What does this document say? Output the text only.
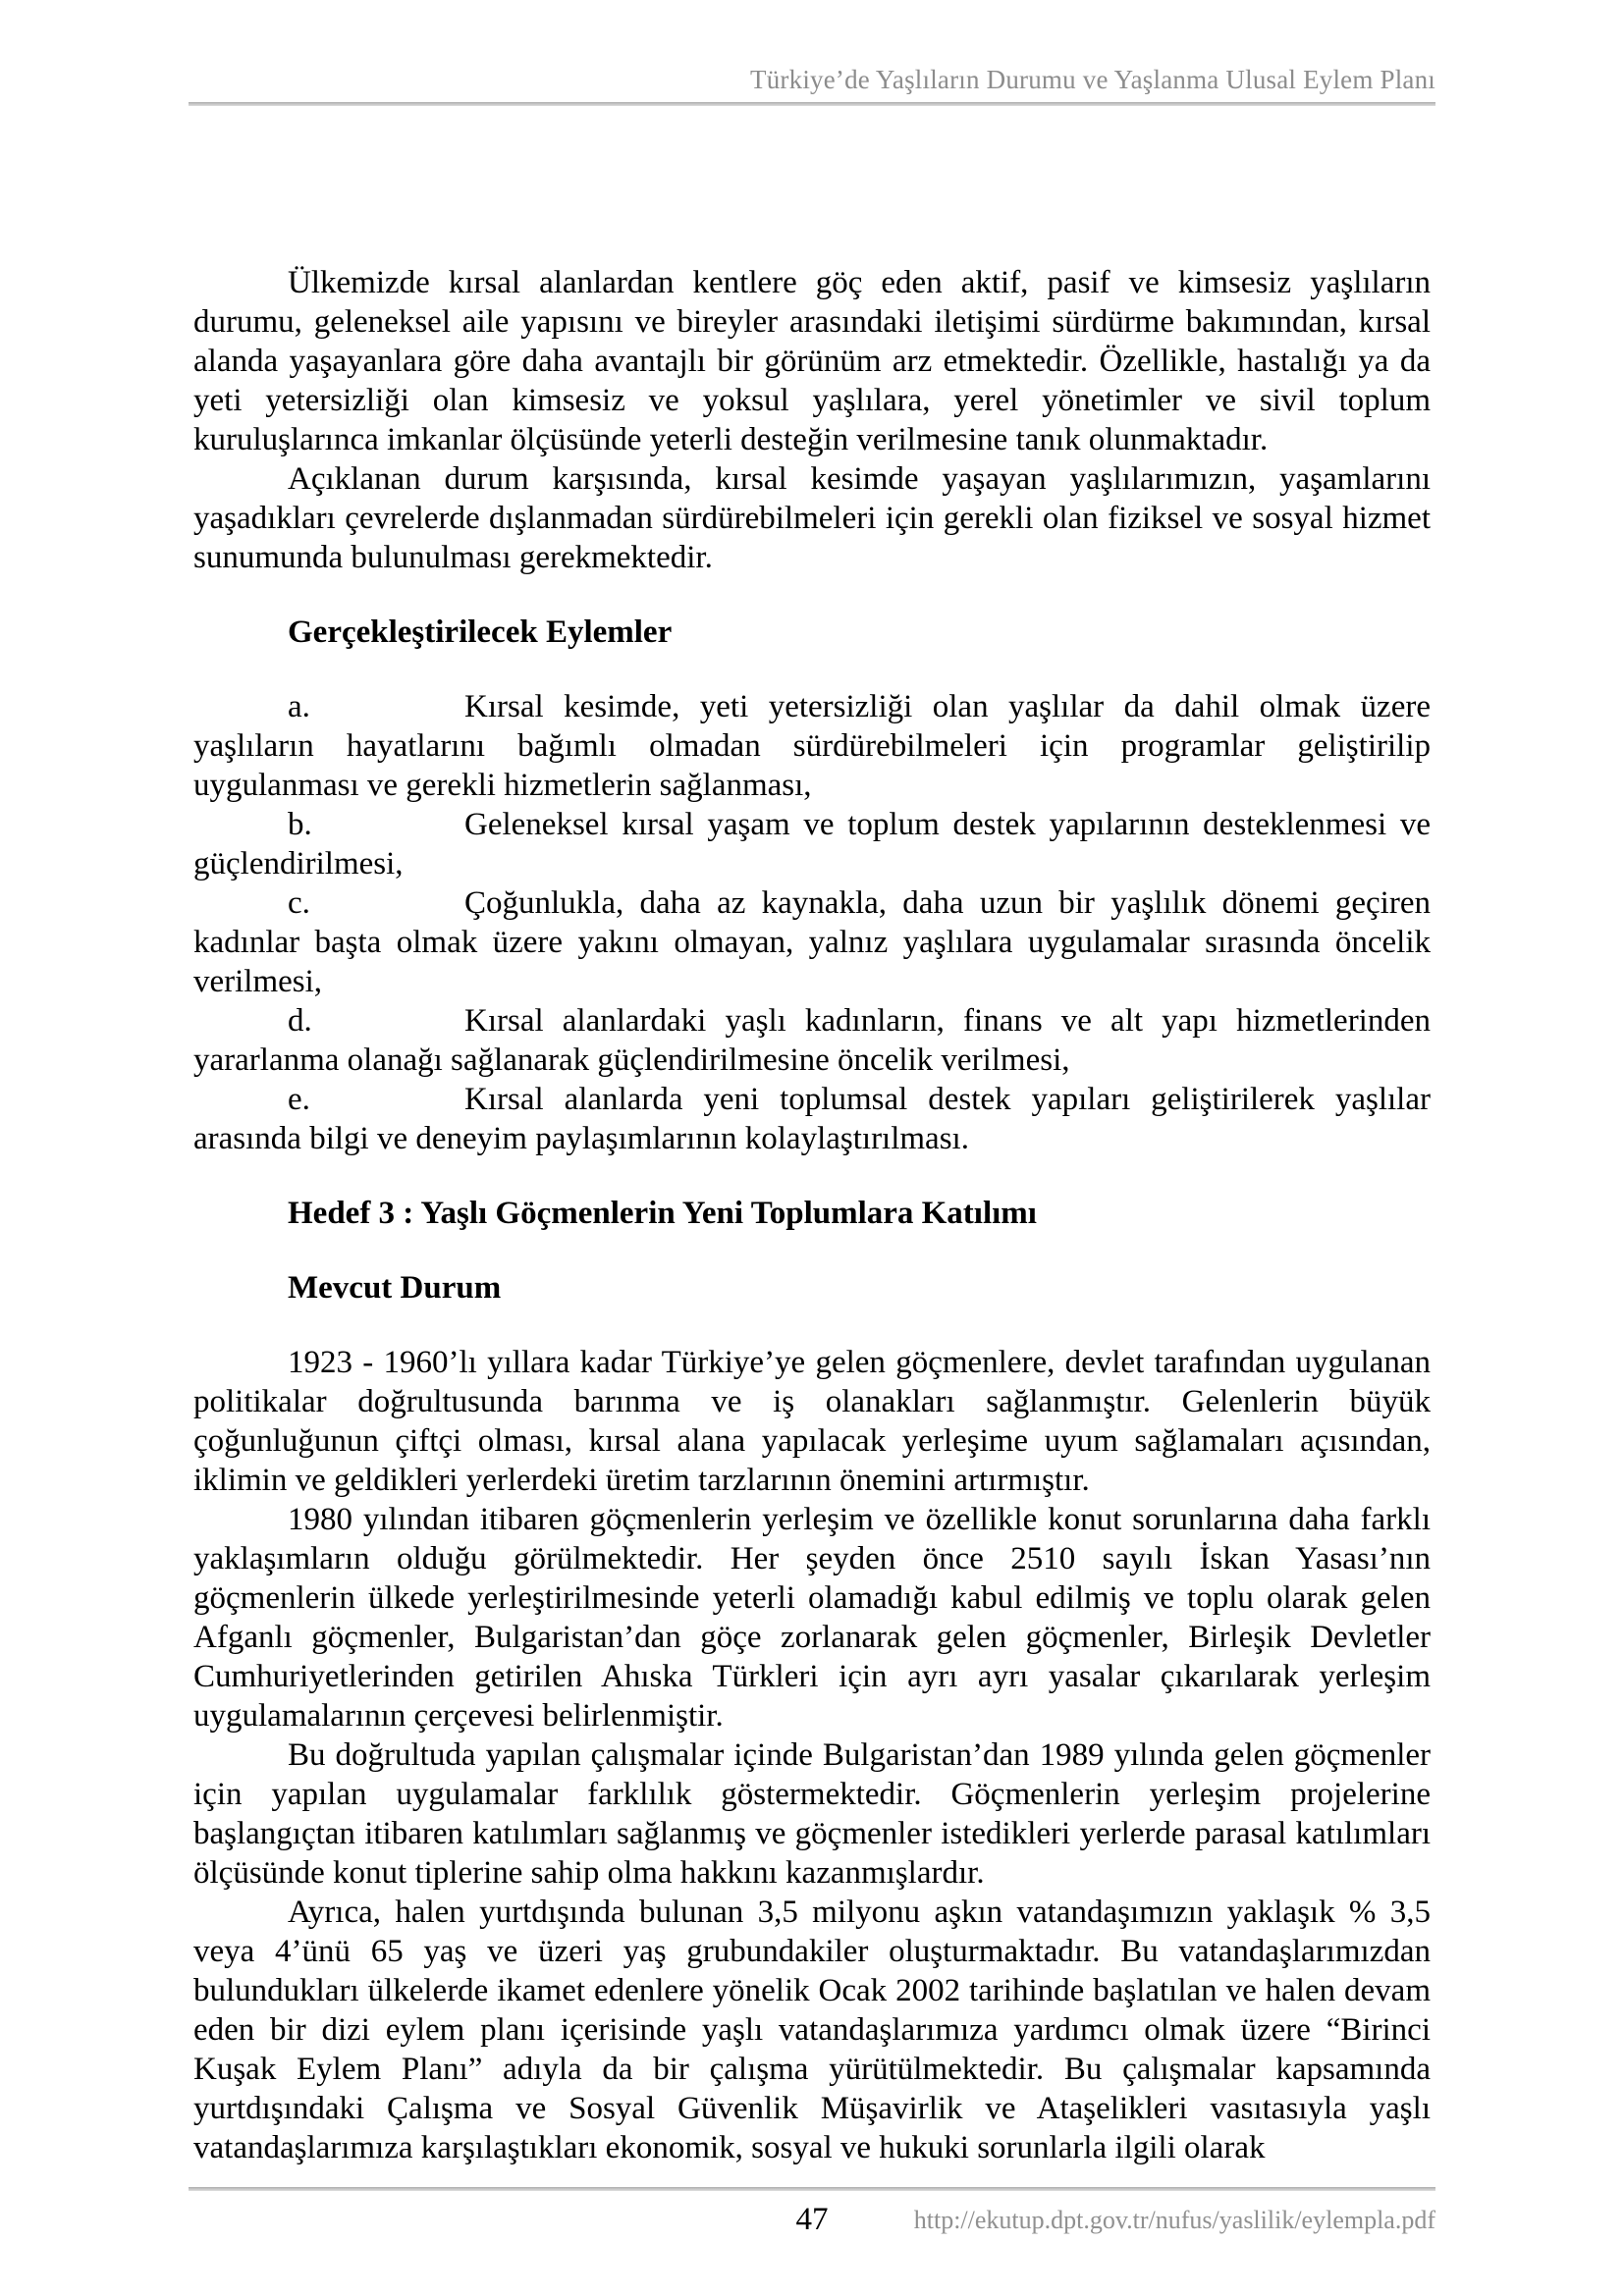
Türkiye’de Yaşlıların Durumu ve Yaşlanma Ulusal Eylem Planı

Ülkemizde kırsal alanlardan kentlere göç eden aktif, pasif ve kimsesiz yaşlıların durumu, geleneksel aile yapısını ve bireyler arasındaki iletişimi sürdürme bakımından, kırsal alanda yaşayanlara göre daha avantajlı bir görünüm arz etmektedir. Özellikle, hastalığı ya da yeti yetersizliği olan kimsesiz ve yoksul yaşlılara, yerel yönetimler ve sivil toplum kuruluşlarınca imkanlar ölçüsünde yeterli desteğin verilmesine tanık olunmaktadır.

Açıklanan durum karşısında, kırsal kesimde yaşayan yaşlılarımızın, yaşamlarını yaşadıkları çevrelerde dışlanmadan sürdürebilmeleri için gerekli olan fiziksel ve sosyal hizmet sunumunda bulunulması gerekmektedir.

Gerçekleştirilecek Eylemler

a.	Kırsal kesimde, yeti yetersizliği olan yaşlılar da dahil olmak üzere yaşlıların hayatlarını bağımlı olmadan sürdürebilmeleri için programlar geliştirilip uygulanması ve gerekli hizmetlerin sağlanması,

b.	Geleneksel kırsal yaşam ve toplum destek yapılarının desteklenmesi ve güçlendirilmesi,

c.	Çoğunlukla, daha az kaynakla, daha uzun bir yaşlılık dönemi geçiren kadınlar başta olmak üzere yakını olmayan, yalnız yaşlılara uygulamalar sırasında öncelik verilmesi,

d.	Kırsal alanlardaki yaşlı kadınların, finans ve alt yapı hizmetlerinden yararlanma olanağı sağlanarak güçlendirilmesine öncelik verilmesi,

e.	Kırsal alanlarda yeni toplumsal destek yapıları geliştirilerek yaşlılar arasında bilgi ve deneyim paylaşımlarının kolaylaştırılması.

Hedef 3 : Yaşlı Göçmenlerin Yeni Toplumlara Katılımı
Mevcut Durum

1923 - 1960’lı yıllara kadar Türkiye’ye gelen göçmenlere, devlet tarafından uygulanan politikalar doğrultusunda barınma ve iş olanakları sağlanmıştır. Gelenlerin büyük çoğunluğunun çiftçi olması, kırsal alana yapılacak yerleşime uyum sağlamaları açısından, iklimin ve geldikleri yerlerdeki üretim tarzlarının önemini artırmıştır.

1980 yılından itibaren göçmenlerin yerleşim ve özellikle konut sorunlarına daha farklı yaklaşımların olduğu görülmektedir. Her şeyden önce 2510 sayılı İskan Yasası’nın göçmenlerin ülkede yerleştirilmesinde yeterli olamadığı kabul edilmiş ve toplu olarak gelen Afganlı göçmenler, Bulgaristan’dan göçe zorlanarak gelen göçmenler, Birleşik Devletler Cumhuriyetlerinden getirilen Ahıska Türkleri için ayrı ayrı yasalar çıkarılarak yerleşim uygulamalarının çerçevesi belirlenmiştir.

Bu doğrultuda yapılan çalışmalar içinde Bulgaristan’dan 1989 yılında gelen göçmenler için yapılan uygulamalar farklılık göstermektedir. Göçmenlerin yerleşim projelerine başlangıçtan itibaren katılımları sağlanmış ve göçmenler istedikleri yerlerde parasal katılımları ölçüsünde konut tiplerine sahip olma hakkını kazanmışlardır.

Ayrıca, halen yurtdışında bulunan 3,5 milyonu aşkın vatandaşımızın yaklaşık % 3,5 veya 4’ünü 65 yaş ve üzeri yaş grubundakiler oluşturmaktadır. Bu vatandaşlarımızdan bulundukları ülkelerde ikamet edenlere yönelik Ocak 2002 tarihinde başlatılan ve halen devam eden bir dizi eylem planı içerisinde yaşlı vatandaşlarımıza yardımcı olmak üzere “Birinci Kuşak Eylem Planı” adıyla da bir çalışma yürütülmektedir. Bu çalışmalar kapsamında yurtdışındaki Çalışma ve Sosyal Güvenlik Müşavirlik ve Ataşelikleri vasıtasıyla yaşlı vatandaşlarımıza karşılaştıkları ekonomik, sosyal ve hukuki sorunlarla ilgili olarak

47	http://ekutup.dpt.gov.tr/nufus/yaslilik/eylempla.pdf
